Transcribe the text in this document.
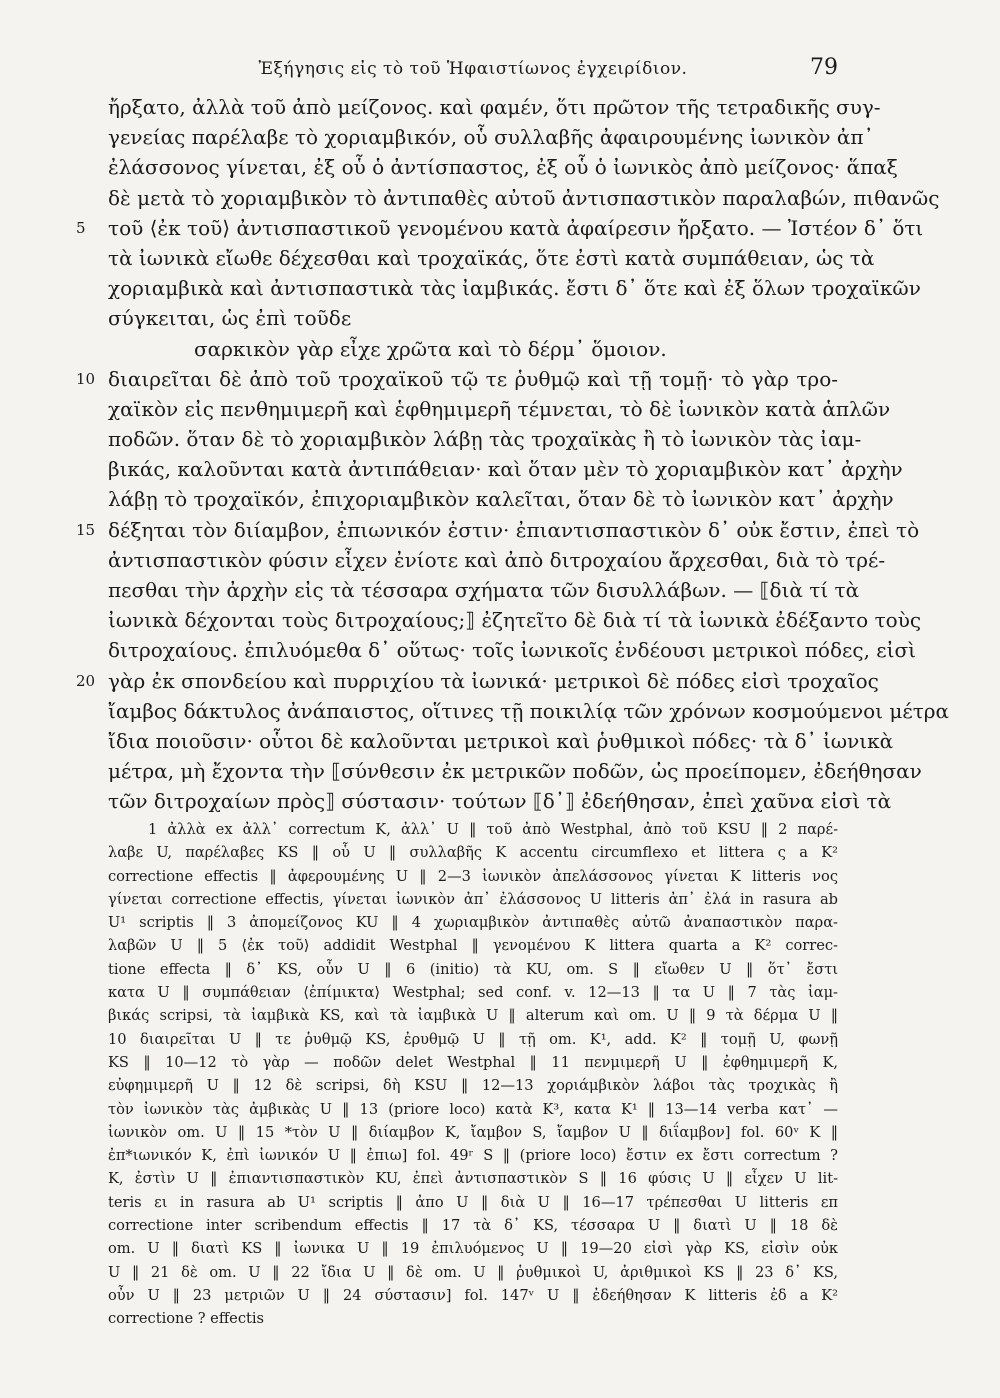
Ἐξήγησις εἰς τὸ τοῦ Ἡφαιστίωνος ἐγχειρίδιον.	79
ἤρξατο, ἀλλὰ τοῦ ἀπὸ μείζονος. καὶ φαμέν, ὅτι πρῶτον τῆς τετραδικῆς συγ-
γενείας παρέλαβε τὸ χοριαμβικόν, οὗ συλλαβῆς ἀφαιρουμένης ἰωνικὸν ἀπ᾿
ἐλάσσονος γίνεται, ἐξ οὗ ὁ ἀντίσπαστος, ἐξ οὗ ὁ ἰωνικὸς ἀπὸ μείζονος· ἅπαξ
δὲ μετὰ τὸ χοριαμβικὸν τὸ ἀντιπαθὲς αὐτοῦ ἀντισπαστικὸν παραλαβών, πιθανῶς
5	τοῦ ⟨ἐκ τοῦ⟩ ἀντισπαστικοῦ γενομένου κατὰ ἀφαίρεσιν ἤρξατο. — Ἰστέον δ᾿ ὅτι
τὰ ἰωνικὰ εἴωθε δέχεσθαι καὶ τροχαϊκάς, ὅτε ἐστὶ κατὰ συμπάθειαν, ὡς τὰ
χοριαμβικὰ καὶ ἀντισπαστικὰ τὰς ἰαμβικάς. ἔστι δ᾿ ὅτε καὶ ἐξ ὅλων τροχαϊκῶν
σύγκειται, ὡς ἐπὶ τοῦδε
σαρκικὸν γὰρ εἶχε χρῶτα καὶ τὸ δέρμ᾿ ὅμοιον.
10 διαιρεῖται δὲ ἀπὸ τοῦ τροχαϊκοῦ τῷ τε ῥυθμῷ καὶ τῇ τομῇ· τὸ γὰρ τρο-
χαϊκὸν εἰς πενθημιμερῆ καὶ ἑφθημιμερῆ τέμνεται, τὸ δὲ ἰωνικὸν κατὰ ἁπλῶν
ποδῶν. ὅταν δὲ τὸ χοριαμβικὸν λάβῃ τὰς τροχαϊκὰς ἢ τὸ ἰωνικὸν τὰς ἰαμ-
βικάς, καλοῦνται κατὰ ἀντιπάθειαν· καὶ ὅταν μὲν τὸ χοριαμβικὸν κατ᾿ ἀρχὴν
λάβῃ τὸ τροχαϊκόν, ἐπιχοριαμβικὸν καλεῖται, ὅταν δὲ τὸ ἰωνικὸν κατ᾿ ἀρχὴν
15 δέξηται τὸν διίαμβον, ἐπιωνικόν ἐστιν· ἐπιαντισπαστικὸν δ᾿ οὐκ ἔστιν, ἐπεὶ τὸ
ἀντισπαστικὸν φύσιν εἶχεν ἐνίοτε καὶ ἀπὸ διτροχαίου ἄρχεσθαι, διὰ τὸ τρέ-
πεσθαι τὴν ἀρχὴν εἰς τὰ τέσσαρα σχήματα τῶν δισυλλάβων. — ⟦διὰ τί τὰ
ἰωνικὰ δέχονται τοὺς διτροχαίους;⟧ ἐζητεῖτο δὲ διὰ τί τὰ ἰωνικὰ ἐδέξαντο τοὺς
διτροχαίους. ἐπιλυόμεθα δ᾿ οὕτως· τοῖς ἰωνικοῖς ἐνδέουσι μετρικοὶ πόδες, εἰσὶ
20 γὰρ ἐκ σπονδείου καὶ πυρριχίου τὰ ἰωνικά· μετρικοὶ δὲ πόδες εἰσὶ τροχαῖος
ἴαμβος δάκτυλος ἀνάπαιστος, οἵτινες τῇ ποικιλίᾳ τῶν χρόνων κοσμούμενοι μέτρα
ἴδια ποιοῦσιν· οὗτοι δὲ καλοῦνται μετρικοὶ καὶ ῥυθμικοὶ πόδες· τὰ δ᾿ ἰωνικὰ
μέτρα, μὴ ἔχοντα τὴν ⟦σύνθεσιν ἐκ μετρικῶν ποδῶν, ὡς προείπομεν, ἐδεήθησαν
τῶν διτροχαίων πρὸς⟧ σύστασιν· τούτων ⟦δ᾿⟧ ἐδεήθησαν, ἐπεὶ χαῦνα εἰσὶ τὰ
1 ἀλλὰ ex ἀλλ᾿ correctum K, ἀλλ᾿ U ‖ τοῦ ἀπὸ Westphal, ἀπὸ τοῦ KSU ‖ 2 παρέ-
λαβε U, παρέλαβες KS ‖ οὗ U ‖ συλλαβῆς K accentu circumflexo et littera ς a K²
correctione effectis ‖ ἀφερουμένης U ‖ 2—3 ἰωνικὸν ἀπελάσσονος γίνεται K litteris νος
γίνεται correctione effectis, γίνεται ἰωνικὸν ἀπ᾿ ἐλάσσονος U litteris ἀπ᾿ ἐλά in rasura ab
U¹ scriptis ‖ 3 ἀπομείζονος KU ‖ 4 χωριαμβικὸν ἀντιπαθὲς αὐτῶ ἀναπαστικὸν παρα-
λαβῶν U ‖ 5 ⟨ἐκ τοῦ⟩ addidit Westphal ‖ γενομένου K littera quarta a K² correc-
tione effecta ‖ δ᾿ KS, οὖν U ‖ 6 (initio) τὰ KU, om. S ‖ εἴωθεν U ‖ ὅτ᾿ ἔστι
κατα U ‖ συμπάθειαν ⟨ἐπίμικτα⟩ Westphal; sed conf. v. 12—13 ‖ τα U ‖ 7 τὰς ἰαμ-
βικάς scripsi, τὰ ἰαμβικὰ KS, καὶ τὰ ἰαμβικὰ U ‖ alterum καὶ om. U ‖ 9 τὰ δέρμα U ‖
10 διαιρεῖται U ‖ τε ῥυθμῷ KS, ἐρυθμῷ U ‖ τῇ om. K¹, add. K² ‖ τομῇ U, φωνῇ
KS ‖ 10—12 τὸ γὰρ — ποδῶν delet Westphal ‖ 11 πενμιμερῆ U ‖ ἐφθημιμερῆ K,
εὐφημιμερῆ U ‖ 12 δὲ scripsi, δὴ KSU ‖ 12—13 χοριάμβικὸν λάβοι τὰς τροχικὰς ἢ
τὸν ἰωνικὸν τὰς ἀμβικὰς U ‖ 13 (priore loco) κατὰ K³, κατα K¹ ‖ 13—14 verba κατ᾿ —
ἰωνικὸν om. U ‖ 15 *τὸν U ‖ διίαμβον K, ἴαμβον S, ἴαμβον U ‖ διΐαμβον] fol. 60ᵛ K ‖
ἐπ*ιωνικόν K, ἐπὶ ἰωνικόν U ‖ ἐπιω] fol. 49ʳ S ‖ (priore loco) ἔστιν ex ἔστι correctum ?
K, ἐστὶν U ‖ ἐπιαντισπαστικὸν KU, ἐπεὶ ἀντισπαστικὸν S ‖ 16 φύσις U ‖ εἶχεν U lit-
teris ει in rasura ab U¹ scriptis ‖ ἀπο U ‖ διὰ U ‖ 16—17 τρέπεσθαι U litteris επ
correctione inter scribendum effectis ‖ 17 τὰ δ᾿ KS, τέσσαρα U ‖ διατὶ U ‖ 18 δὲ
om. U ‖ διατὶ KS ‖ ἰωνικα U ‖ 19 ἐπιλυόμενος U ‖ 19—20 εἰσὶ γὰρ KS, εἰσὶν οὐκ
U ‖ 21 δὲ om. U ‖ 22 ἴδια U ‖ δὲ om. U ‖ ῥυθμικοὶ U, ἀριθμικοὶ KS ‖ 23 δ᾿ KS,
οὖν U ‖ 23 μετριῶν U ‖ 24 σύστασιν] fol. 147ᵛ U ‖ ἐδεήθησαν K litteris ἐδ a K²
correctione ? effectis
